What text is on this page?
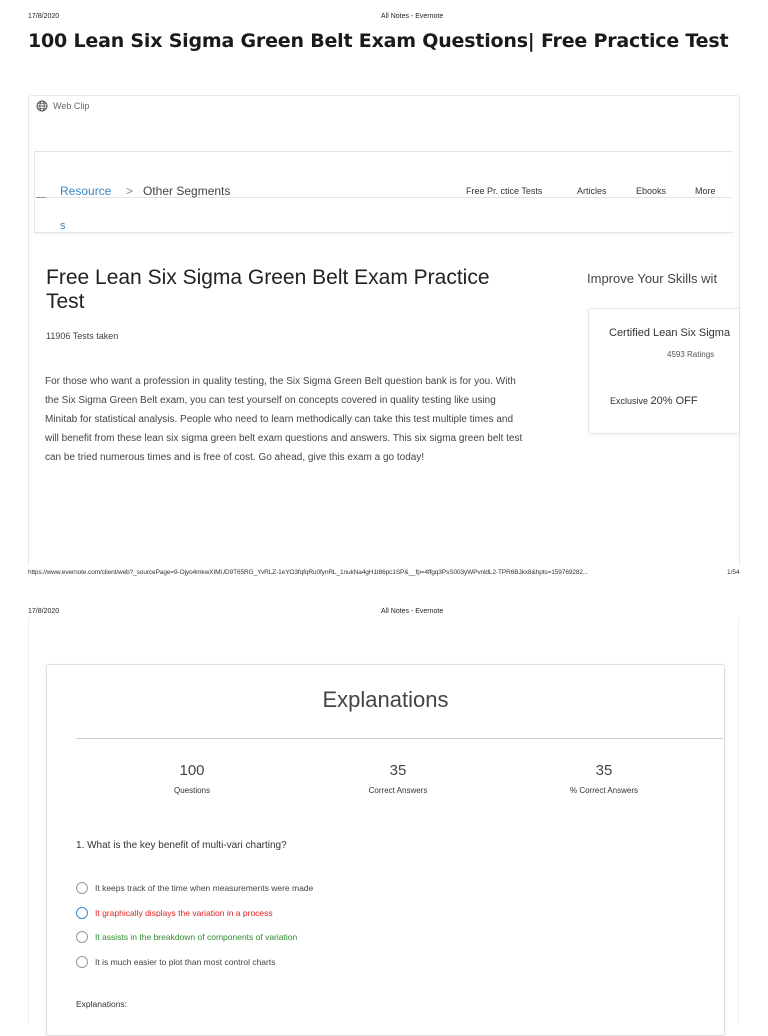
17/8/2020	All Notes - Evernote
100 Lean Six Sigma Green Belt Exam Questions| Free Practice Test
Web Clip
Resource
s
> Other Segments	Free Pr. ctice Tests	Articles	Ebooks	More
Free Lean Six Sigma Green Belt Exam Practice Test
11906 Tests taken
For those who want a profession in quality testing, the Six Sigma Green Belt question bank is for you. With the Six Sigma Green Belt exam, you can test yourself on concepts covered in quality testing like using Minitab for statistical analysis. People who need to learn methodically can take this test multiple times and will benefit from these lean six sigma green belt exam questions and answers. This six sigma green belt test can be tried numerous times and is free of cost. Go ahead, give this exam a go today!
Improve Your Skills wit
Certified Lean Six Sigma
4593 Ratings
Exclusive 20% OFF
https://www.evernote.com/client/web?_sourcePage=9-Ojyo4mkwXIMUD9T65RG_YvRLZ-1eYO3fqfqRu0fynRL_1nukNa4gH1t86pc1SP&__fp=4ffgq3PsS003yWPvnldL2-TPR6BJkx8&hpts=159769282...	1/54
17/8/2020	All Notes - Evernote
Explanations
100
Questions
35
Correct Answers
35
% Correct Answers
1. What is the key benefit of multi-vari charting?
It keeps track of the time when measurements were made
It graphically displays the variation in a process
It assists in the breakdown of components of variation
It is much easier to plot than most control charts
Explanations:
